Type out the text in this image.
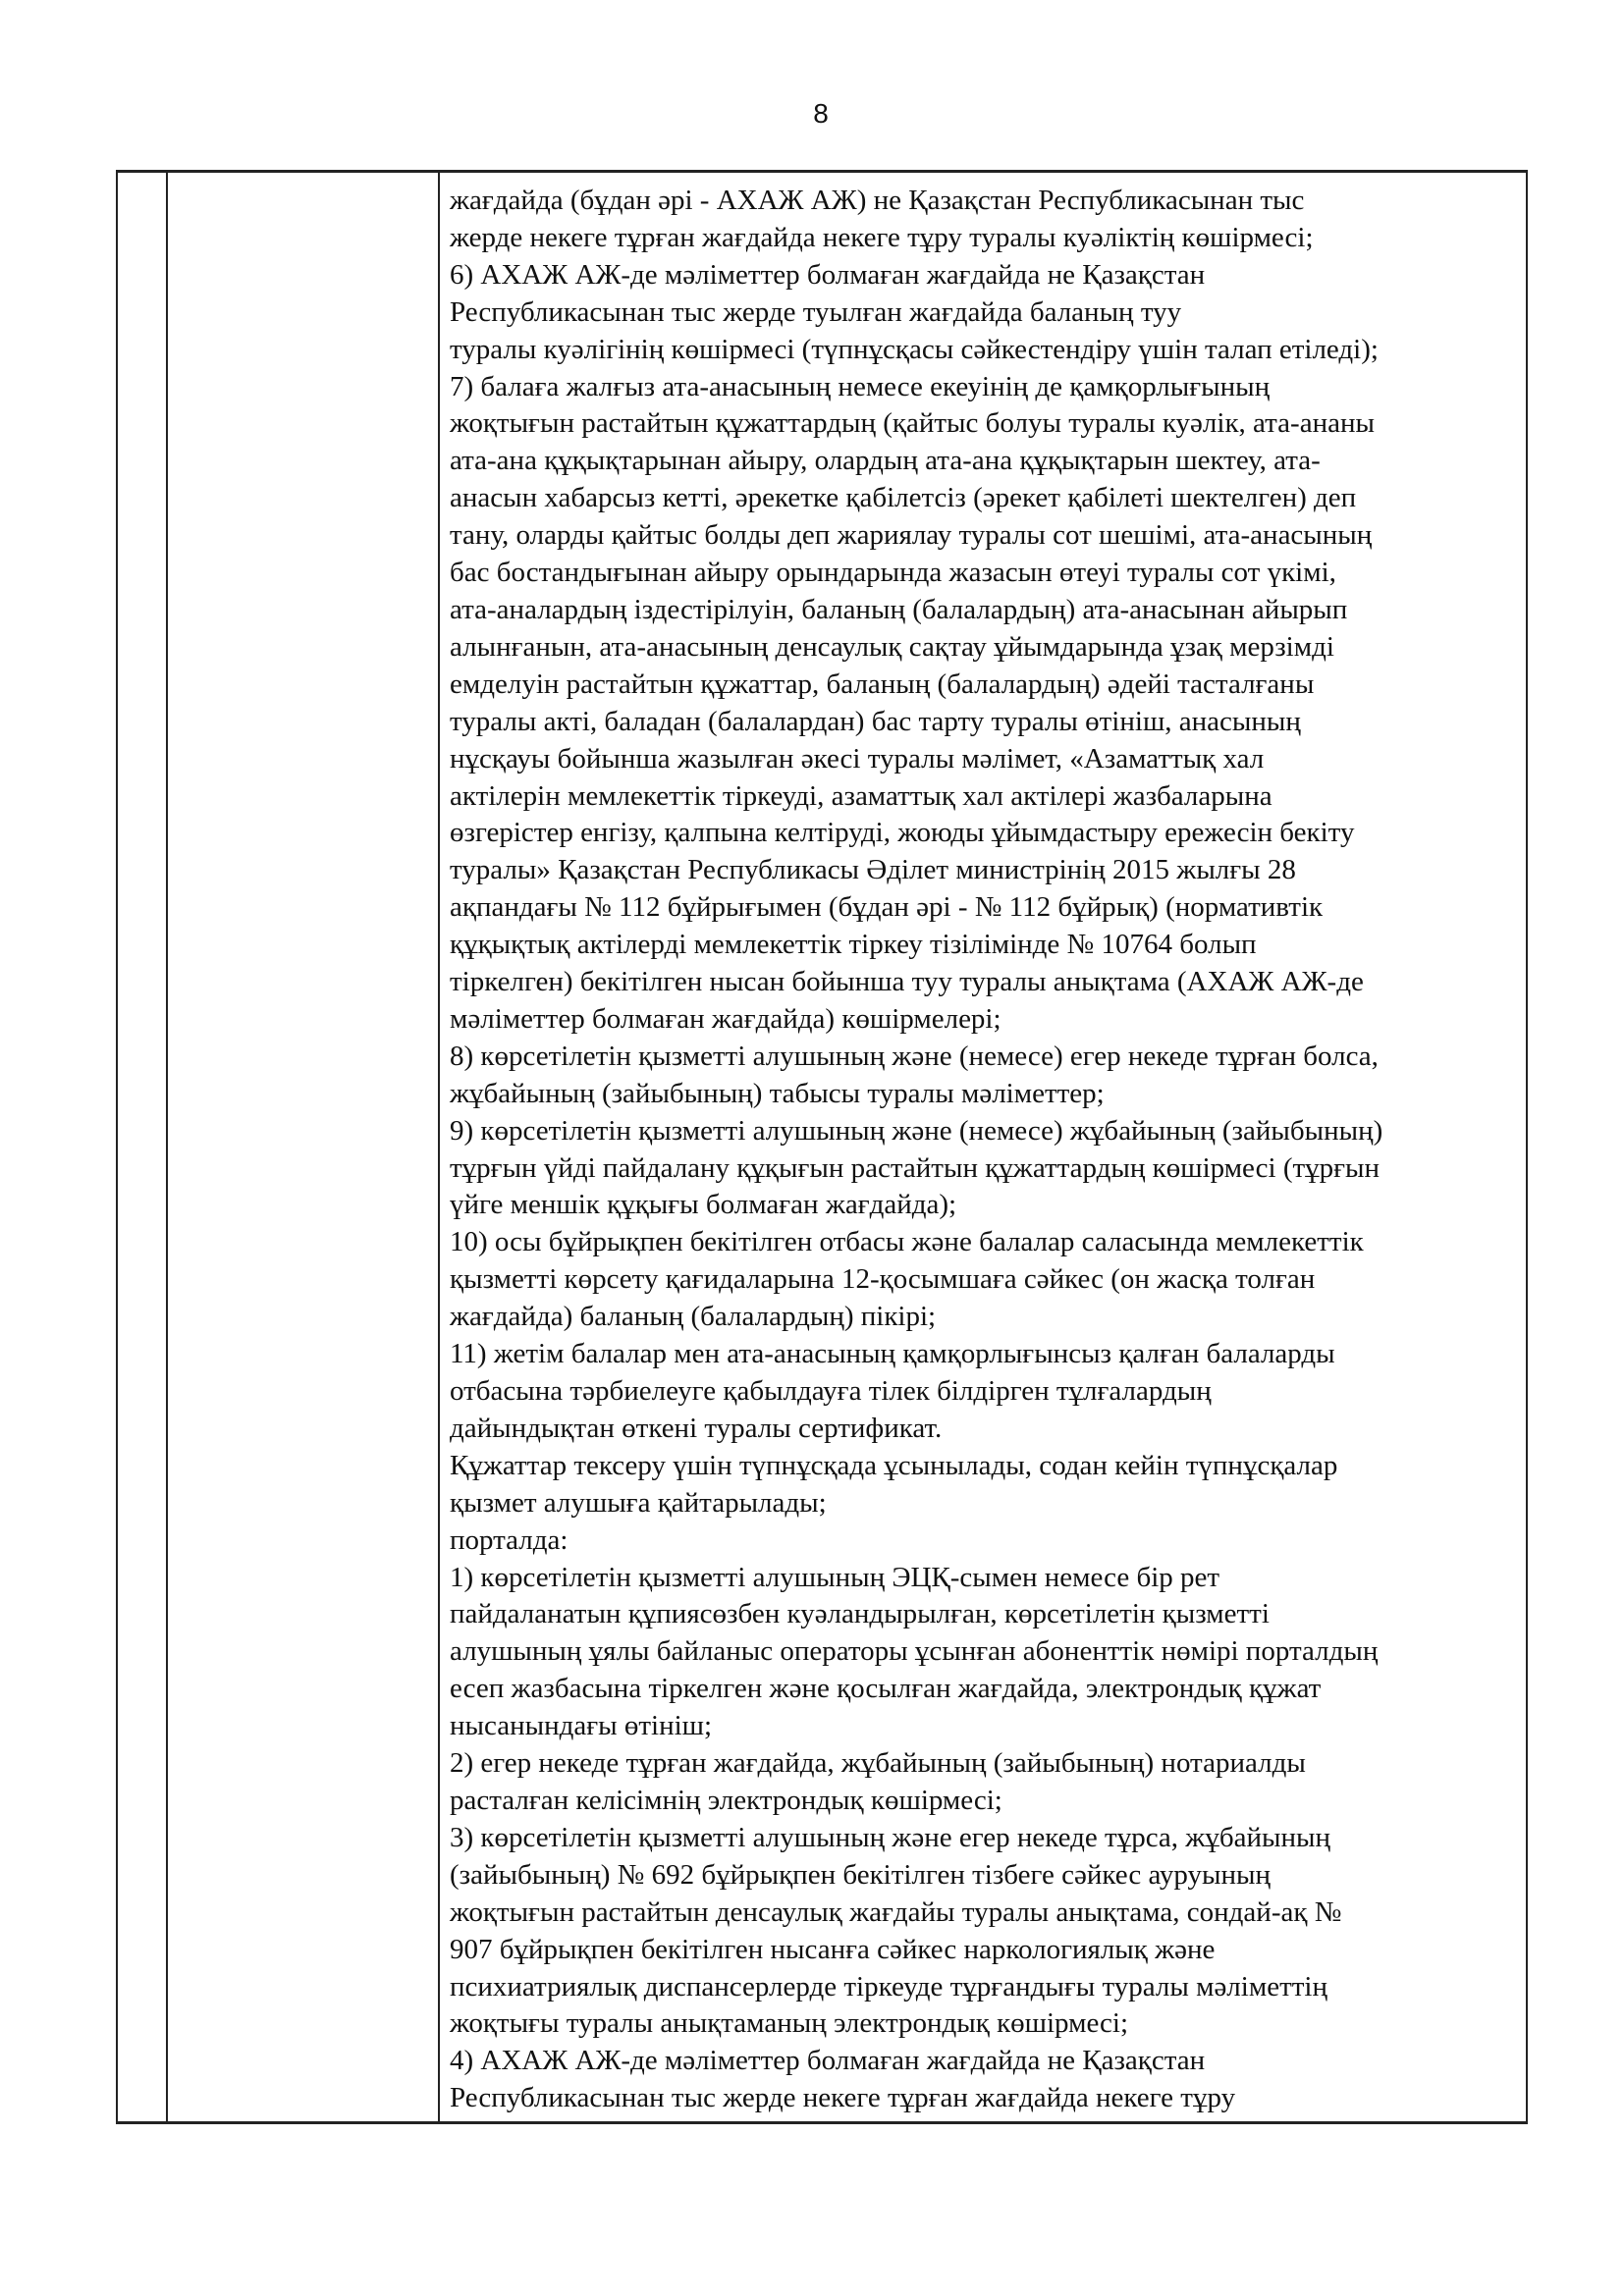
8
жағдайда (бұдан әрі - АХАЖ АЖ) не Қазақстан Республикасынан тыс
жерде некеге тұрған жағдайда некеге тұру туралы куәліктің көшірмесі;
6) АХАЖ АЖ-де мәліметтер болмаған жағдайда не Қазақстан
Республикасынан тыс жерде туылған жағдайда баланың туу
туралы куәлігінің көшірмесі (түпнұсқасы сәйкестендіру үшін талап етіледі);
7) балаға жалғыз ата-анасының немесе екеуінің де қамқорлығының
жоқтығын растайтын құжаттардың (қайтыс болуы туралы куәлік, ата-ананы
ата-ана құқықтарынан айыру, олардың ата-ана құқықтарын шектеу, ата-
анасын хабарсыз кетті, әрекетке қабілетсіз (әрекет қабілеті шектелген) деп
тану, оларды қайтыс болды деп жариялау туралы сот шешімі, ата-анасының
бас бостандығынан айыру орындарында жазасын өтеуі туралы сот үкімі,
ата-аналардың іздестірілуін, баланың (балалардың) ата-анасынан айырып
алынғанын, ата-анасының денсаулық сақтау ұйымдарында ұзақ мерзімді
емделуін растайтын құжаттар, баланың (балалардың) әдейі тасталғаны
туралы акті, баладан (балалардан) бас тарту туралы өтініш, анасының
нұсқауы бойынша жазылған әкесі туралы мәлімет, «Азаматтық хал
актілерін мемлекеттік тіркеуді, азаматтық хал актілері жазбаларына
өзгерістер енгізу, қалпына келтіруді, жоюды ұйымдастыру ережесін бекіту
туралы» Қазақстан Республикасы Әділет министрінің 2015 жылғы 28
ақпандағы № 112 бұйрығымен (бұдан әрі - № 112 бұйрық) (нормативтік
құқықтық актілерді мемлекеттік тіркеу тізілімінде № 10764 болып
тіркелген) бекітілген нысан бойынша туу туралы анықтама (АХАЖ АЖ-де
мәліметтер болмаған жағдайда) көшірмелері;
8) көрсетілетін қызметті алушының және (немесе) егер некеде тұрған болса,
жұбайының (зайыбының) табысы туралы мәліметтер;
9) көрсетілетін қызметті алушының және (немесе) жұбайының (зайыбының)
тұрғын үйді пайдалану құқығын растайтын құжаттардың көшірмесі (тұрғын
үйге меншік құқығы болмаған жағдайда);
10) осы бұйрықпен бекітілген отбасы және балалар саласында мемлекеттік
қызметті көрсету қағидаларына 12-қосымшаға сәйкес (он жасқа толған
жағдайда) баланың (балалардың) пікірі;
11) жетім балалар мен ата-анасының қамқорлығынсыз қалған балаларды
отбасына тәрбиелеуге қабылдауға тілек білдірген тұлғалардың
дайындықтан өткені туралы сертификат.
Құжаттар тексеру үшін түпнұсқада ұсынылады, содан кейін түпнұсқалар
қызмет алушыға қайтарылады;
порталда:
1) көрсетілетін қызметті алушының ЭЦҚ-сымен немесе бір рет
пайдаланатын құпиясөзбен куәландырылған, көрсетілетін қызметті
алушының ұялы байланыс операторы ұсынған абоненттік нөмірі порталдың
есеп жазбасына тіркелген және қосылған жағдайда, электрондық құжат
нысанындағы өтініш;
2) егер некеде тұрған жағдайда, жұбайының (зайыбының) нотариалды
расталған келісімнің электрондық көшірмесі;
3) көрсетілетін қызметті алушының және егер некеде тұрса, жұбайының
(зайыбының) № 692 бұйрықпен бекітілген тізбеге сәйкес ауруының
жоқтығын растайтын денсаулық жағдайы туралы анықтама, сондай-ақ №
907 бұйрықпен бекітілген нысанға сәйкес наркологиялық және
психиатриялық диспансерлерде тіркеуде тұрғандығы туралы мәліметтің
жоқтығы туралы анықтаманың электрондық көшірмесі;
4) АХАЖ АЖ-де мәліметтер болмаған жағдайда не Қазақстан
Республикасынан тыс жерде некеге тұрған жағдайда некеге тұру
